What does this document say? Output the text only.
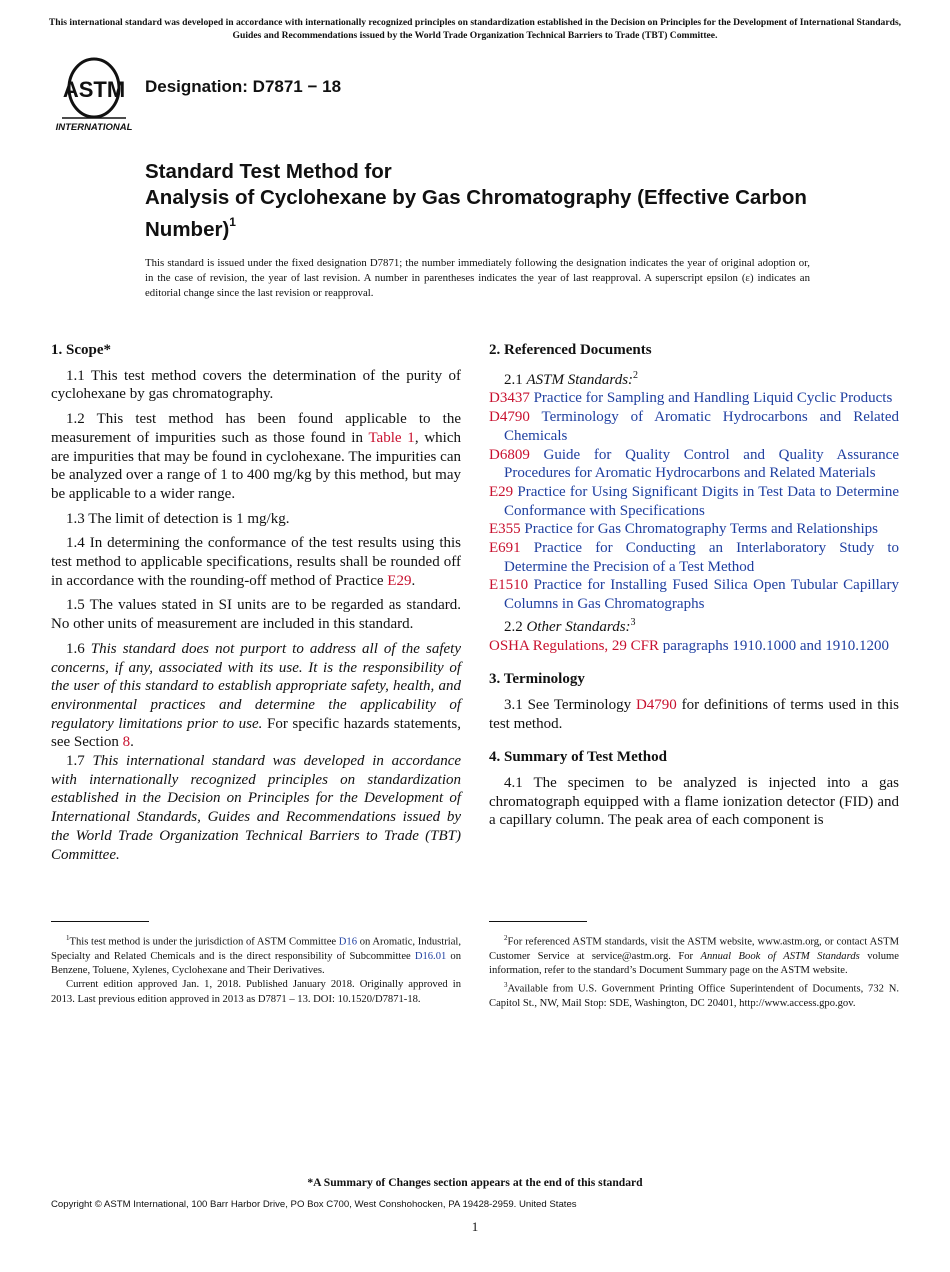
This international standard was developed in accordance with internationally recognized principles on standardization established in the Decision on Principles for the Development of International Standards, Guides and Recommendations issued by the World Trade Organization Technical Barriers to Trade (TBT) Committee.
ASTM
INTERNATIONAL
Designation: D7871 − 18
Standard Test Method for
Analysis of Cyclohexane by Gas Chromatography (Effective Carbon Number)$^1$
This standard is issued under the fixed designation D7871; the number immediately following the designation indicates the year of original adoption or, in the case of revision, the year of last revision. A number in parentheses indicates the year of last reapproval. A superscript epsilon (ε) indicates an editorial change since the last revision or reapproval.
1. Scope*

1.1 This test method covers the determination of the purity of cyclohexane by gas chromatography.

1.2 This test method has been found applicable to the measurement of impurities such as those found in Table 1, which are impurities that may be found in cyclohexane. The impurities can be analyzed over a range of 1 to 400 mg/kg by this method, but may be applicable to a wider range.

1.3 The limit of detection is 1 mg/kg.

1.4 In determining the conformance of the test results using this test method to applicable specifications, results shall be rounded off in accordance with the rounding-off method of Practice E29.

1.5 The values stated in SI units are to be regarded as standard. No other units of measurement are included in this standard.

1.6 This standard does not purport to address all of the safety concerns, if any, associated with its use. It is the responsibility of the user of this standard to establish appropriate safety, health, and environmental practices and determine the applicability of regulatory limitations prior to use. For specific hazards statements, see Section 8.

1.7 This international standard was developed in accordance with internationally recognized principles on standardization established in the Decision on Principles for the Development of International Standards, Guides and Recommendations issued by the World Trade Organization Technical Barriers to Trade (TBT) Committee.

2. Referenced Documents

2.1 ASTM Standards:$^2$

D3437 Practice for Sampling and Handling Liquid Cyclic Products

D4790 Terminology of Aromatic Hydrocarbons and Related Chemicals

D6809 Guide for Quality Control and Quality Assurance Procedures for Aromatic Hydrocarbons and Related Materials

E29 Practice for Using Significant Digits in Test Data to Determine Conformance with Specifications

E355 Practice for Gas Chromatography Terms and Relationships

E691 Practice for Conducting an Interlaboratory Study to Determine the Precision of a Test Method

E1510 Practice for Installing Fused Silica Open Tubular Capillary Columns in Gas Chromatographs

2.2 Other Standards:$^3$

OSHA Regulations, 29 CFR paragraphs 1910.1000 and 1910.1200

3. Terminology

3.1 See Terminology D4790 for definitions of terms used in this test method.

4. Summary of Test Method

4.1 The specimen to be analyzed is injected into a gas chromatograph equipped with a flame ionization detector (FID) and a capillary column. The peak area of each component is

$^1$This test method is under the jurisdiction of ASTM Committee D16 on Aromatic, Industrial, Specialty and Related Chemicals and is the direct responsibility of Subcommittee D16.01 on Benzene, Toluene, Xylenes, Cyclohexane and Their Derivatives.

Current edition approved Jan. 1, 2018. Published January 2018. Originally approved in 2013. Last previous edition approved in 2013 as D7871 – 13. DOI: 10.1520/D7871-18.

$^2$For referenced ASTM standards, visit the ASTM website, www.astm.org, or contact ASTM Customer Service at service@astm.org. For Annual Book of ASTM Standards volume information, refer to the standard’s Document Summary page on the ASTM website.

$^3$Available from U.S. Government Printing Office Superintendent of Documents, 732 N. Capitol St., NW, Mail Stop: SDE, Washington, DC 20401, http://www.access.gpo.gov.

*A Summary of Changes section appears at the end of this standard
Copyright © ASTM International, 100 Barr Harbor Drive, PO Box C700, West Conshohocken, PA 19428-2959. United States
1
